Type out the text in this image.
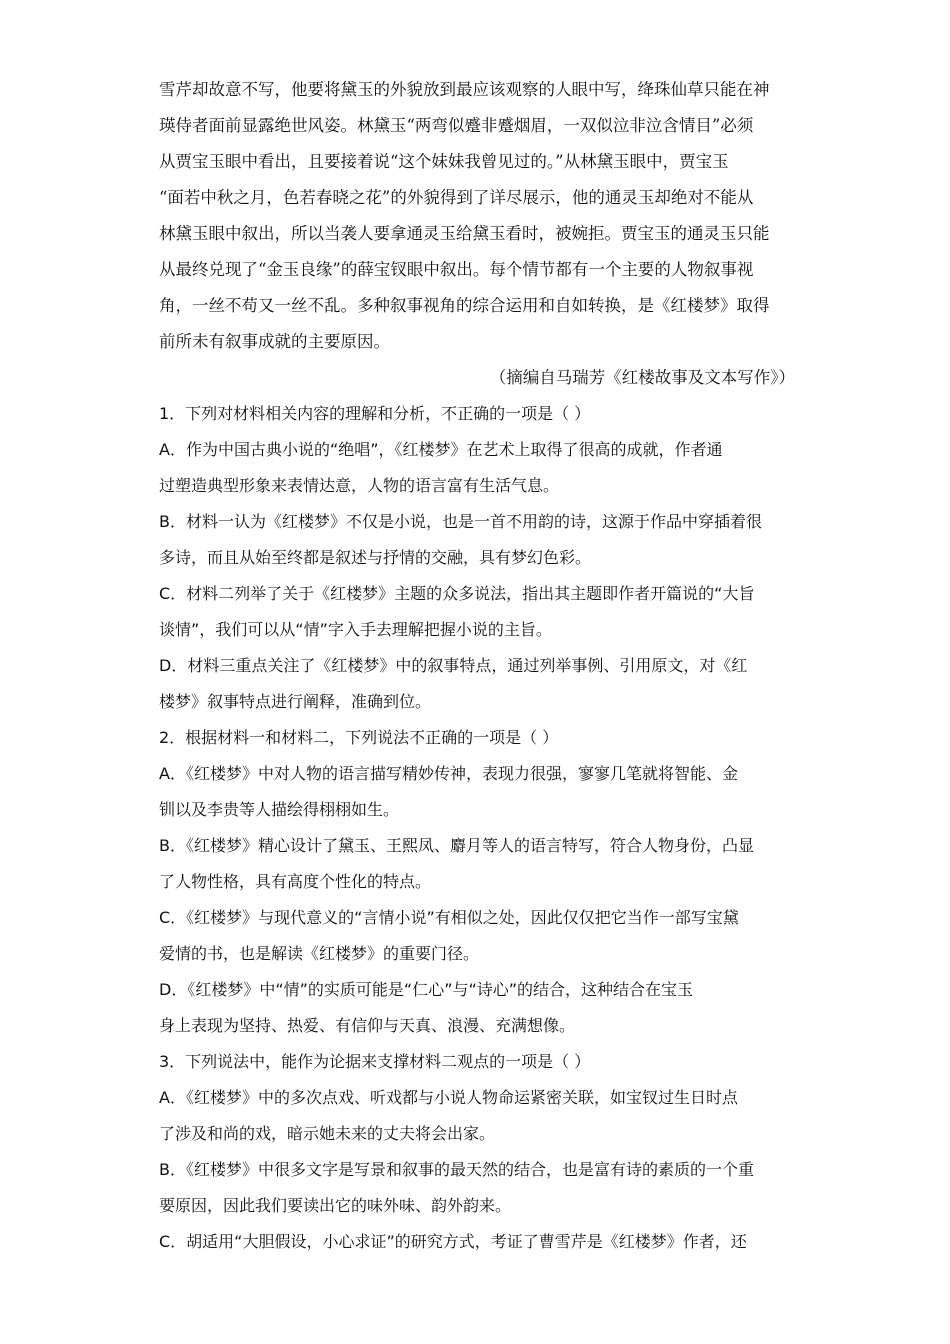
雪芹却故意不写，他要将黛玉的外貌放到最应该观察的人眼中写，绛珠仙草只能在神
瑛侍者面前显露绝世风姿。林黛玉“两弯似蹙非蹙烟眉，一双似泣非泣含情目”必须
从贾宝玉眼中看出，且要接着说“这个妹妹我曾见过的。”从林黛玉眼中，贾宝玉
“面若中秋之月，色若春晓之花”的外貌得到了详尽展示，他的通灵玉却绝对不能从
林黛玉眼中叙出，所以当袭人要拿通灵玉给黛玉看时，被婉拒。贾宝玉的通灵玉只能
从最终兑现了“金玉良缘”的薛宝钗眼中叙出。每个情节都有一个主要的人物叙事视
角，一丝不苟又一丝不乱。多种叙事视角的综合运用和自如转换，是《红楼梦》取得
前所未有叙事成就的主要原因。
（摘编自马瑞芳《红楼故事及文本写作》）
1．下列对材料相关内容的理解和分析，不正确的一项是（ ）
A．作为中国古典小说的“绝唱”，《红楼梦》在艺术上取得了很高的成就，作者通
过塑造典型形象来表情达意，人物的语言富有生活气息。
B．材料一认为《红楼梦》不仅是小说，也是一首不用韵的诗，这源于作品中穿插着很
多诗，而且从始至终都是叙述与抒情的交融，具有梦幻色彩。
C．材料二列举了关于《红楼梦》主题的众多说法，指出其主题即作者开篇说的“大旨
谈情”，我们可以从“情”字入手去理解把握小说的主旨。
D．材料三重点关注了《红楼梦》中的叙事特点，通过列举事例、引用原文，对《红
楼梦》叙事特点进行阐释，准确到位。
2．根据材料一和材料二，下列说法不正确的一项是（ ）
A．《红楼梦》中对人物的语言描写精妙传神，表现力很强，寥寥几笔就将智能、金
钏以及李贵等人描绘得栩栩如生。
B．《红楼梦》精心设计了黛玉、王熙凤、麝月等人的语言特写，符合人物身份，凸显
了人物性格，具有高度个性化的特点。
C．《红楼梦》与现代意义的“言情小说”有相似之处，因此仅仅把它当作一部写宝黛
爱情的书，也是解读《红楼梦》的重要门径。
D．《红楼梦》中“情”的实质可能是“仁心”与“诗心”的结合，这种结合在宝玉
身上表现为坚持、热爱、有信仰与天真、浪漫、充满想像。
3．下列说法中，能作为论据来支撑材料二观点的一项是（ ）
A．《红楼梦》中的多次点戏、听戏都与小说人物命运紧密关联，如宝钗过生日时点
了涉及和尚的戏，暗示她未来的丈夫将会出家。
B．《红楼梦》中很多文字是写景和叙事的最天然的结合，也是富有诗的素质的一个重
要原因，因此我们要读出它的味外味、韵外韵来。
C．胡适用“大胆假设，小心求证”的研究方式，考证了曹雪芹是《红楼梦》作者，还
